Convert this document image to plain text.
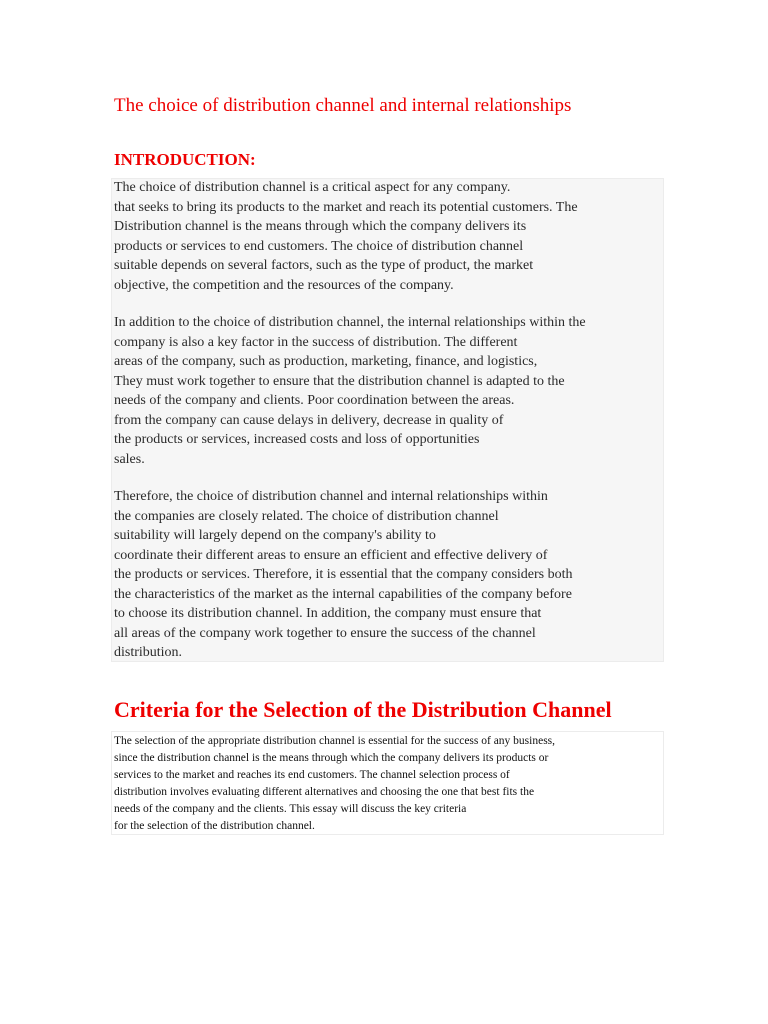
The choice of distribution channel and internal relationships
INTRODUCTION:
The choice of distribution channel is a critical aspect for any company.
that seeks to bring its products to the market and reach its potential customers. The
Distribution channel is the means through which the company delivers its
products or services to end customers. The choice of distribution channel
suitable depends on several factors, such as the type of product, the market
objective, the competition and the resources of the company.
In addition to the choice of distribution channel, the internal relationships within the
company is also a key factor in the success of distribution. The different
areas of the company, such as production, marketing, finance, and logistics,
They must work together to ensure that the distribution channel is adapted to the
needs of the company and clients. Poor coordination between the areas.
from the company can cause delays in delivery, decrease in quality of
the products or services, increased costs and loss of opportunities
sales.
Therefore, the choice of distribution channel and internal relationships within
the companies are closely related. The choice of distribution channel
suitability will largely depend on the company's ability to
coordinate their different areas to ensure an efficient and effective delivery of
the products or services. Therefore, it is essential that the company considers both
the characteristics of the market as the internal capabilities of the company before
to choose its distribution channel. In addition, the company must ensure that
all areas of the company work together to ensure the success of the channel
distribution.
Criteria for the Selection of the Distribution Channel
The selection of the appropriate distribution channel is essential for the success of any business,
since the distribution channel is the means through which the company delivers its products or
services to the market and reaches its end customers. The channel selection process of
distribution involves evaluating different alternatives and choosing the one that best fits the
needs of the company and the clients. This essay will discuss the key criteria
for the selection of the distribution channel.
